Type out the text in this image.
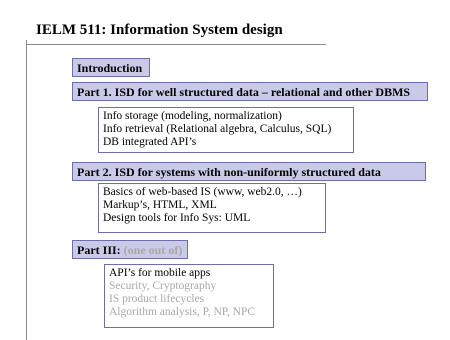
IELM 511: Information System design
Introduction
Part 1. ISD for well structured data – relational and other DBMS
Info storage (modeling, normalization)
Info retrieval (Relational algebra, Calculus, SQL)
DB integrated API’s
Part 2. ISD for systems with non-uniformly structured data
Basics of web-based IS (www, web2.0, …)
Markup’s, HTML, XML
Design tools for Info Sys: UML
Part III: (one out of)
API’s for mobile apps
Security, Cryptography
IS product lifecycles
Algorithm analysis, P, NP, NPC
